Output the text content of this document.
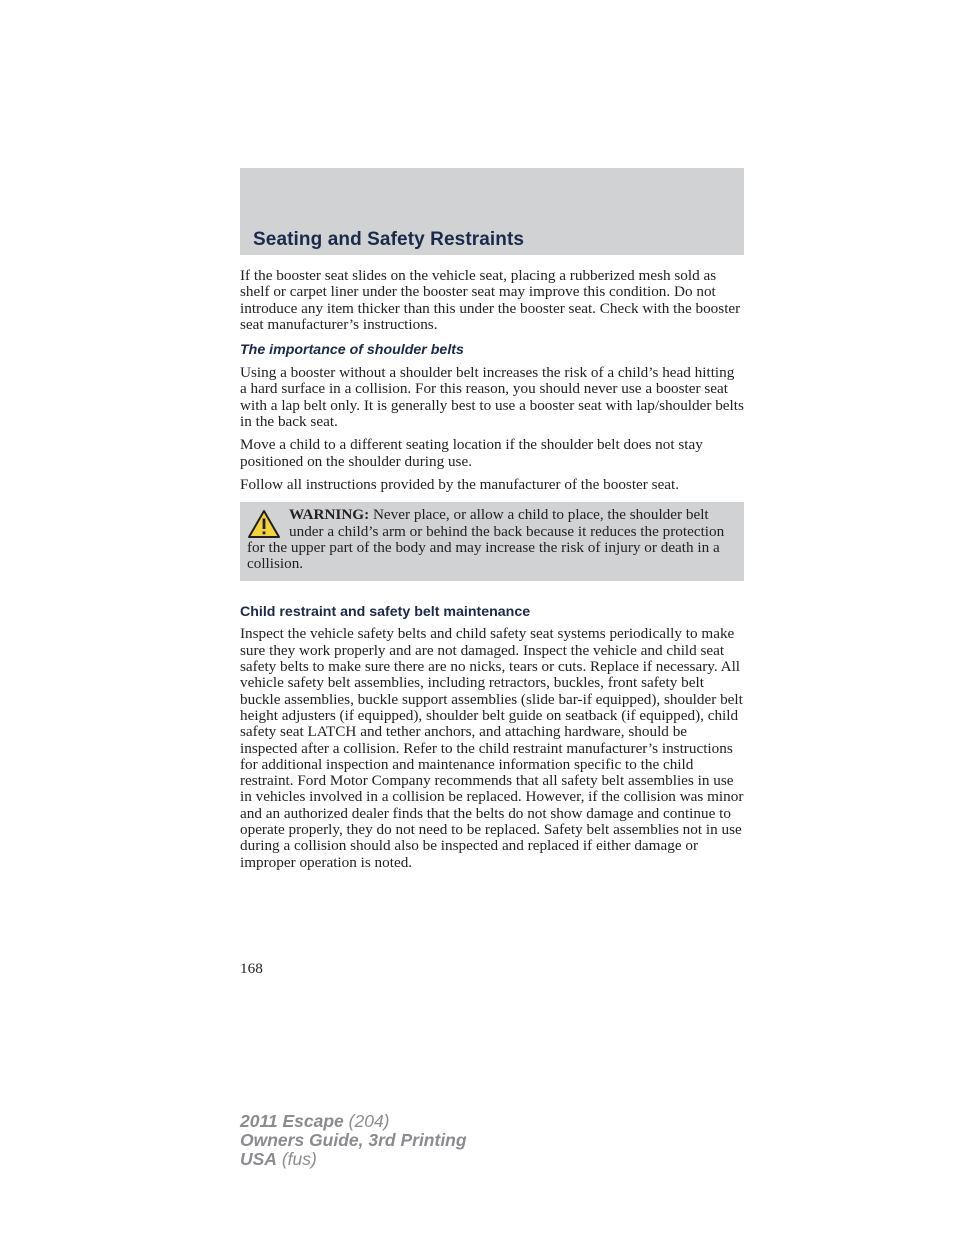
Seating and Safety Restraints

If the booster seat slides on the vehicle seat, placing a rubberized mesh sold as shelf or carpet liner under the booster seat may improve this condition. Do not introduce any item thicker than this under the booster seat. Check with the booster seat manufacturer’s instructions.

The importance of shoulder belts

Using a booster without a shoulder belt increases the risk of a child’s head hitting a hard surface in a collision. For this reason, you should never use a booster seat with a lap belt only. It is generally best to use a booster seat with lap/shoulder belts in the back seat.

Move a child to a different seating location if the shoulder belt does not stay positioned on the shoulder during use.

Follow all instructions provided by the manufacturer of the booster seat.

WARNING: Never place, or allow a child to place, the shoulder belt under a child’s arm or behind the back because it reduces the protection for the upper part of the body and may increase the risk of injury or death in a collision.

Child restraint and safety belt maintenance

Inspect the vehicle safety belts and child safety seat systems periodically to make sure they work properly and are not damaged. Inspect the vehicle and child seat safety belts to make sure there are no nicks, tears or cuts. Replace if necessary. All vehicle safety belt assemblies, including retractors, buckles, front safety belt buckle assemblies, buckle support assemblies (slide bar-if equipped), shoulder belt height adjusters (if equipped), shoulder belt guide on seatback (if equipped), child safety seat LATCH and tether anchors, and attaching hardware, should be inspected after a collision. Refer to the child restraint manufacturer’s instructions for additional inspection and maintenance information specific to the child restraint. Ford Motor Company recommends that all safety belt assemblies in use in vehicles involved in a collision be replaced. However, if the collision was minor and an authorized dealer finds that the belts do not show damage and continue to operate properly, they do not need to be replaced. Safety belt assemblies not in use during a collision should also be inspected and replaced if either damage or improper operation is noted.

168
2011 Escape (204)
Owners Guide, 3rd Printing
USA (fus)
